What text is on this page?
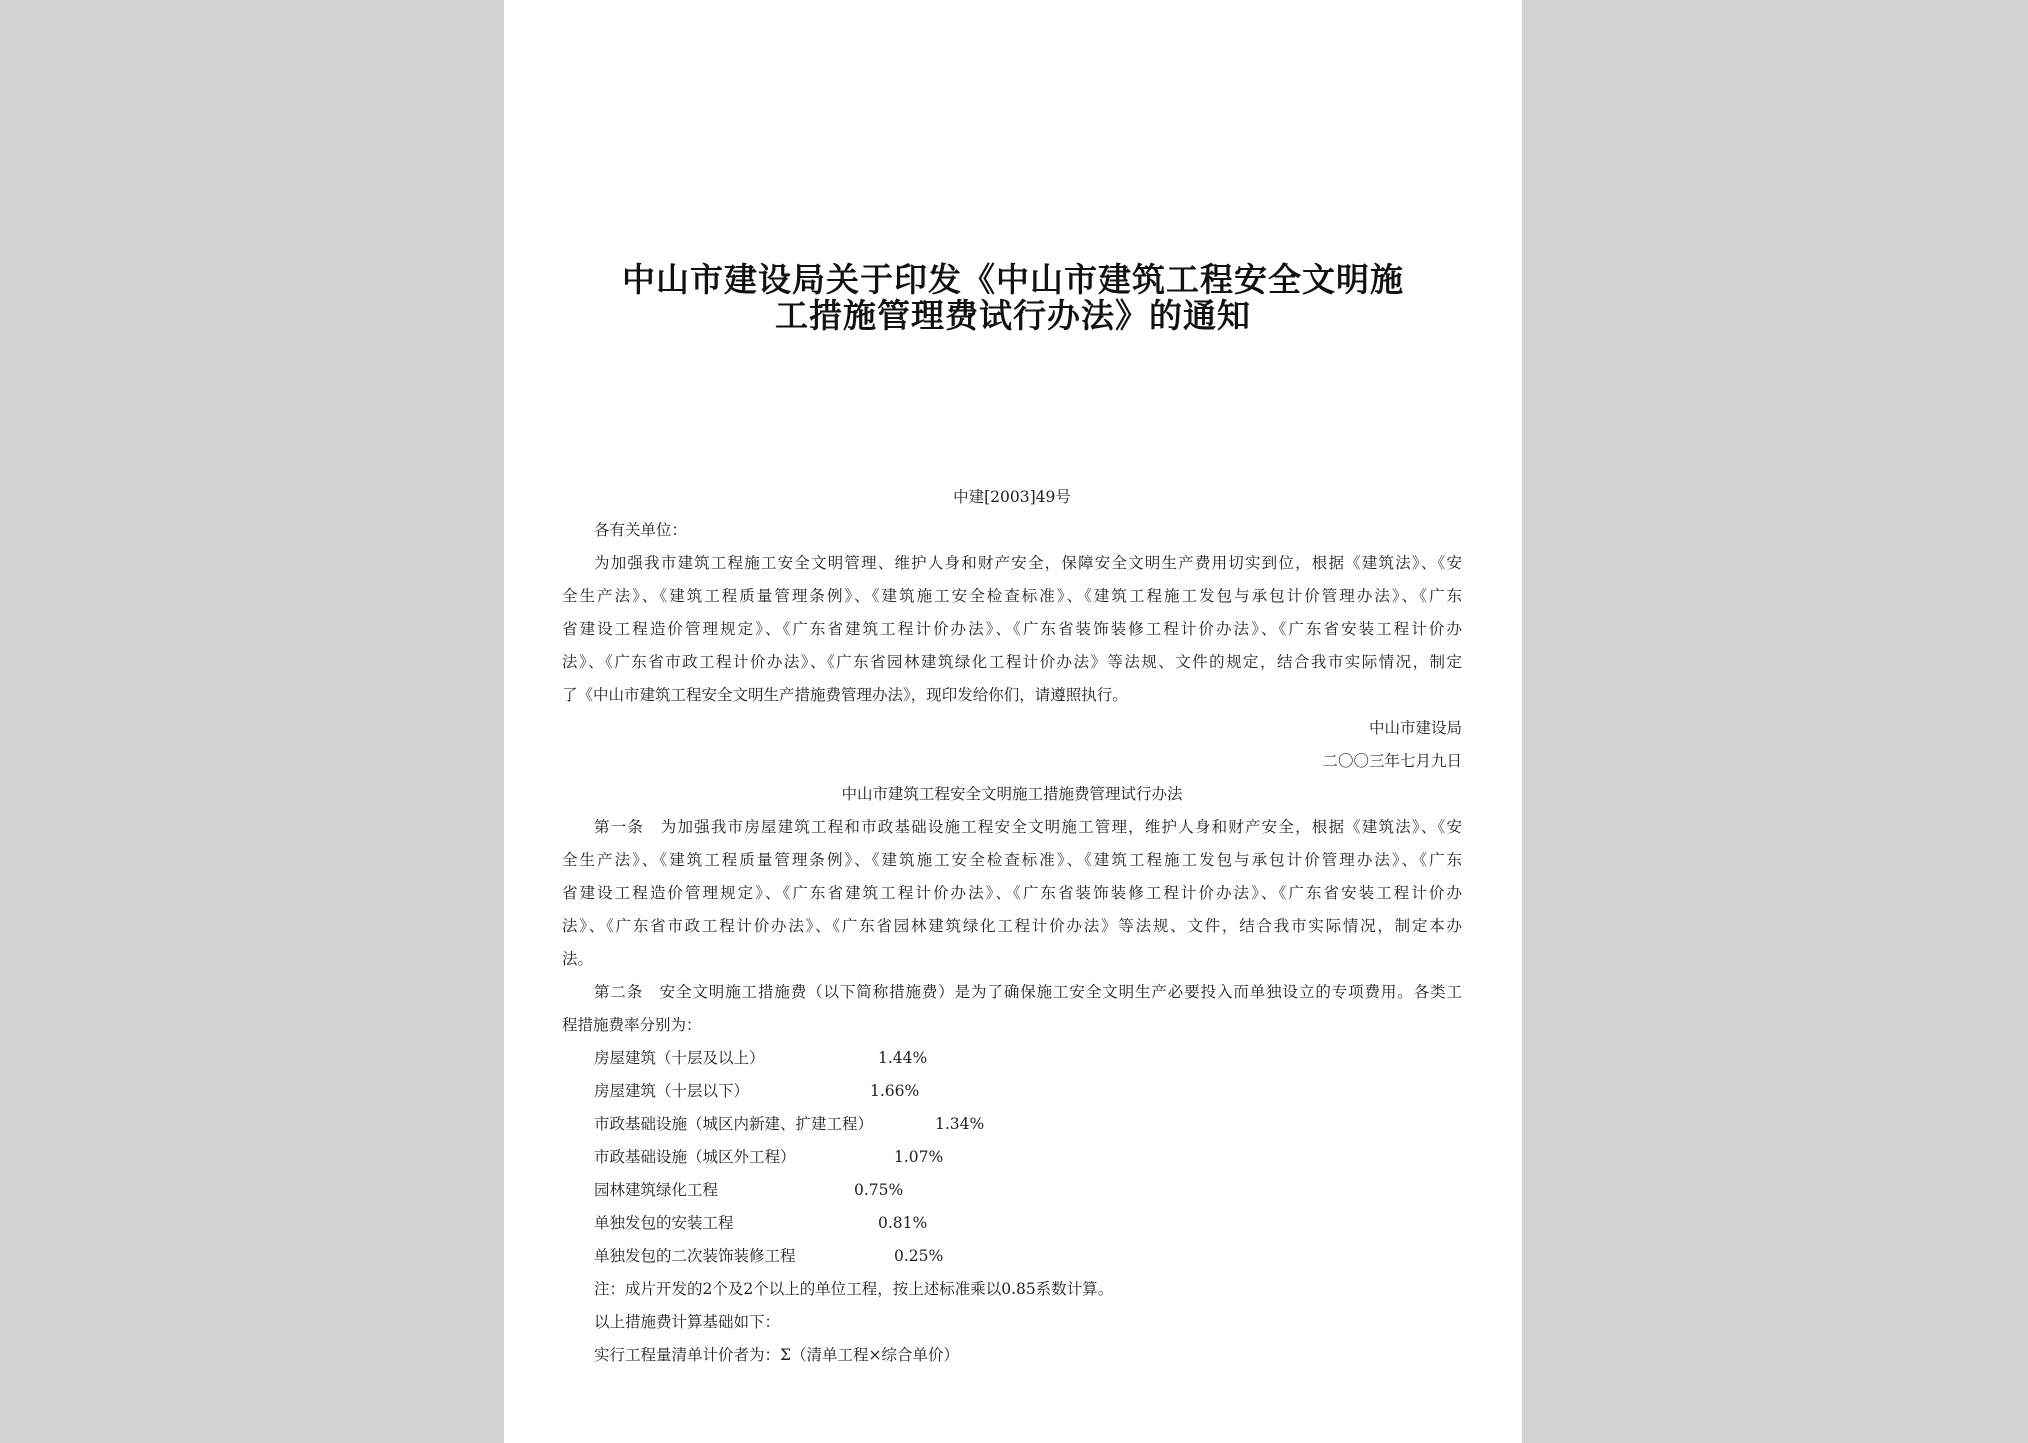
中山市建设局关于印发《中山市建筑工程安全文明施
工措施管理费试行办法》的通知
中建[2003]49号
各有关单位：
为加强我市建筑工程施工安全文明管理、维护人身和财产安全，保障安全文明生产费用切实到位，根据《建筑法》、《安
全生产法》、《建筑工程质量管理条例》、《建筑施工安全检查标准》、《建筑工程施工发包与承包计价管理办法》、《广东
省建设工程造价管理规定》、《广东省建筑工程计价办法》、《广东省装饰装修工程计价办法》、《广东省安装工程计价办
法》、《广东省市政工程计价办法》、《广东省园林建筑绿化工程计价办法》等法规、文件的规定，结合我市实际情况，制定
了《中山市建筑工程安全文明生产措施费管理办法》，现印发给你们，请遵照执行。
中山市建设局
二〇〇三年七月九日
中山市建筑工程安全文明施工措施费管理试行办法
第一条　为加强我市房屋建筑工程和市政基础设施工程安全文明施工管理，维护人身和财产安全，根据《建筑法》、《安
全生产法》、《建筑工程质量管理条例》、《建筑施工安全检查标准》、《建筑工程施工发包与承包计价管理办法》、《广东
省建设工程造价管理规定》、《广东省建筑工程计价办法》、《广东省装饰装修工程计价办法》、《广东省安装工程计价办
法》、《广东省市政工程计价办法》、《广东省园林建筑绿化工程计价办法》等法规、文件，结合我市实际情况，制定本办
法。
第二条　安全文明施工措施费（以下简称措施费）是为了确保施工安全文明生产必要投入而单独设立的专项费用。各类工
程措施费率分别为：
房屋建筑（十层及以上）	1.44%
房屋建筑（十层以下）	1.66%
市政基础设施（城区内新建、扩建工程）	1.34%
市政基础设施（城区外工程）	1.07%
园林建筑绿化工程	0.75%
单独发包的安装工程	0.81%
单独发包的二次装饰装修工程	0.25%
注：成片开发的2个及2个以上的单位工程，按上述标准乘以0.85系数计算。
以上措施费计算基础如下：
实行工程量清单计价者为：Σ（清单工程×综合单价）
